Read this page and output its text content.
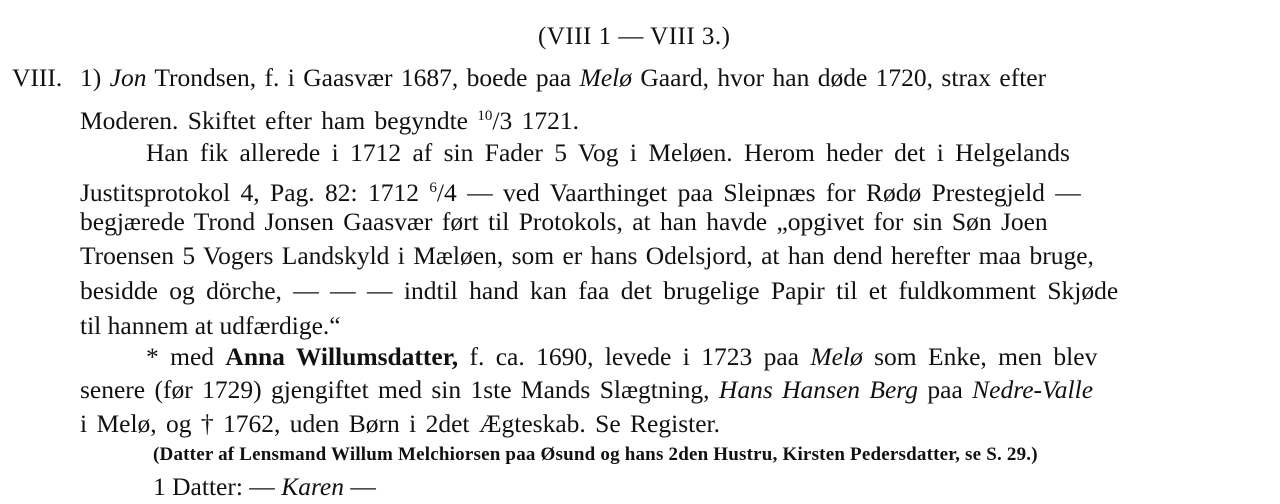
(VIII 1 — VIII 3.)
VIII. 1) Jon Trondsen, f. i Gaasvær 1687, boede paa Melø Gaard, hvor han døde 1720, strax efter
Moderen. Skiftet efter ham begyndte $^{10}$/3 1721.
Han fik allerede i 1712 af sin Fader 5 Vog i Meløen. Herom heder det i Helgelands
Justitsprotokol 4, Pag. 82: 1712 $^6$/4 — ved Vaarthinget paa Sleipnæs for Rødø Prestegjeld —
begjærede Trond Jonsen Gaasvær ført til Protokols, at han havde „opgivet for sin Søn Joen
Troensen 5 Vogers Landskyld i Mæløen, som er hans Odelsjord, at han dend herefter maa bruge,
besidde og dörche, — — — indtil hand kan faa det brugelige Papir til et fuldkomment Skjøde
til hannem at udfærdige.“
* med Anna Willumsdatter, f. ca. 1690, levede i 1723 paa Melø som Enke, men blev
senere (før 1729) gjengiftet med sin 1ste Mands Slægtning, Hans Hansen Berg paa Nedre-Valle
i Melø, og † 1762, uden Børn i 2det Ægteskab. Se Register.
(Datter af Lensmand Willum Melchiorsen paa Øsund og hans 2den Hustru, Kirsten Pedersdatter, se S. 29.)
1 Datter: — Karen —
